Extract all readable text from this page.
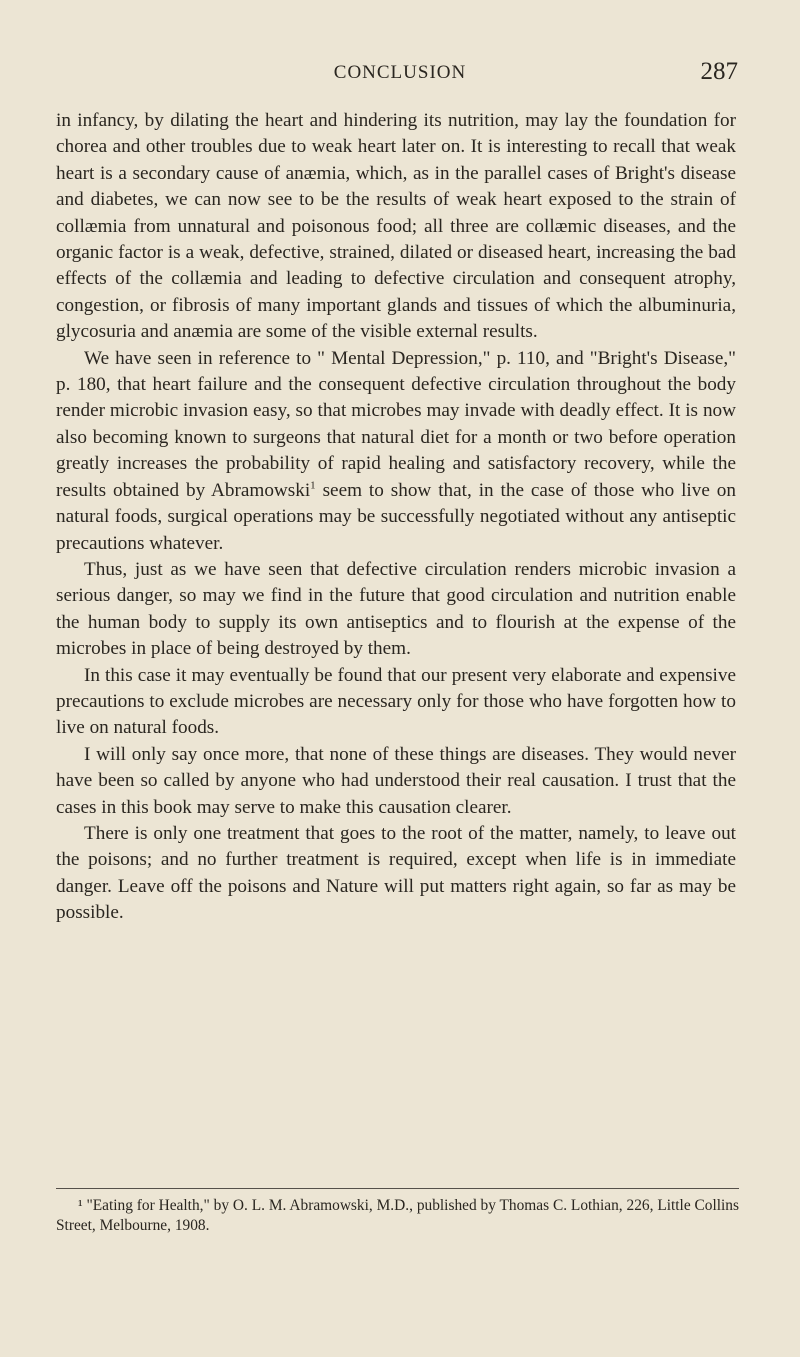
CONCLUSION	287

in infancy, by dilating the heart and hindering its nutrition, may lay the foundation for chorea and other troubles due to weak heart later on. It is interesting to recall that weak heart is a secondary cause of anæmia, which, as in the parallel cases of Bright's disease and diabetes, we can now see to be the results of weak heart exposed to the strain of collæmia from unnatural and poisonous food; all three are collæmic diseases, and the organic factor is a weak, defective, strained, dilated or diseased heart, increasing the bad effects of the collæmia and leading to defective circulation and consequent atrophy, congestion, or fibrosis of many important glands and tissues of which the albuminuria, glycosuria and anæmia are some of the visible external results.

We have seen in reference to " Mental Depression," p. 110, and "Bright's Disease," p. 180, that heart failure and the consequent defective circulation throughout the body render microbic invasion easy, so that microbes may invade with deadly effect. It is now also becoming known to surgeons that natural diet for a month or two before operation greatly increases the probability of rapid healing and satisfactory recovery, while the results obtained by Abramowski$^1$ seem to show that, in the case of those who live on natural foods, surgical operations may be successfully negotiated without any antiseptic precautions whatever.

Thus, just as we have seen that defective circulation renders microbic invasion a serious danger, so may we find in the future that good circulation and nutrition enable the human body to supply its own antiseptics and to flourish at the expense of the microbes in place of being destroyed by them.

In this case it may eventually be found that our present very elaborate and expensive precautions to exclude microbes are necessary only for those who have forgotten how to live on natural foods.

I will only say once more, that none of these things are diseases. They would never have been so called by anyone who had understood their real causation. I trust that the cases in this book may serve to make this causation clearer.

There is only one treatment that goes to the root of the matter, namely, to leave out the poisons; and no further treatment is required, except when life is in immediate danger. Leave off the poisons and Nature will put matters right again, so far as may be possible.

¹ "Eating for Health," by O. L. M. Abramowski, M.D., published by Thomas C. Lothian, 226, Little Collins Street, Melbourne, 1908.
